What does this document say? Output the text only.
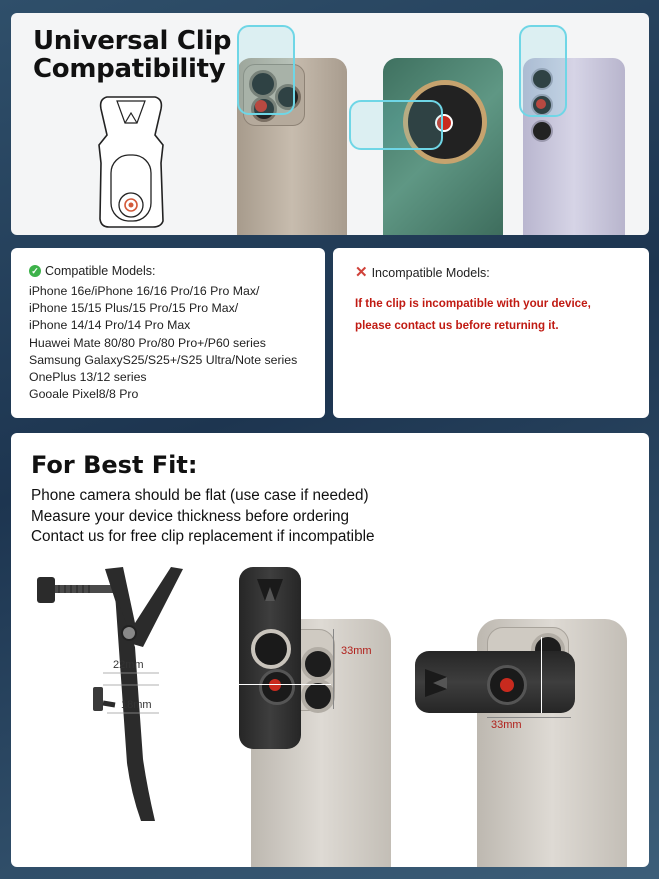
Universal Clip
Compatibility
✓ Compatible Models:
iPhone 16e/iPhone 16/16 Pro/16 Pro Max/
iPhone 15/15 Plus/15 Pro/15 Pro Max/
iPhone 14/14 Pro/14 Pro Max
Huawei Mate 80/80 Pro/80 Pro+/P60 series
Samsung GalaxyS25/S25+/S25 Ultra/Note series
OnePlus 13/12 series
Gooale Pixel8/8 Pro
✕ Incompatible Models:
If the clip is incompatible with your device,
please contact us before returning it.
For Best Fit:
Phone camera should be flat (use case if needed)
Measure your device thickness before ordering
Contact us for free clip replacement if incompatible
22mm
18mm
33mm
33mm
